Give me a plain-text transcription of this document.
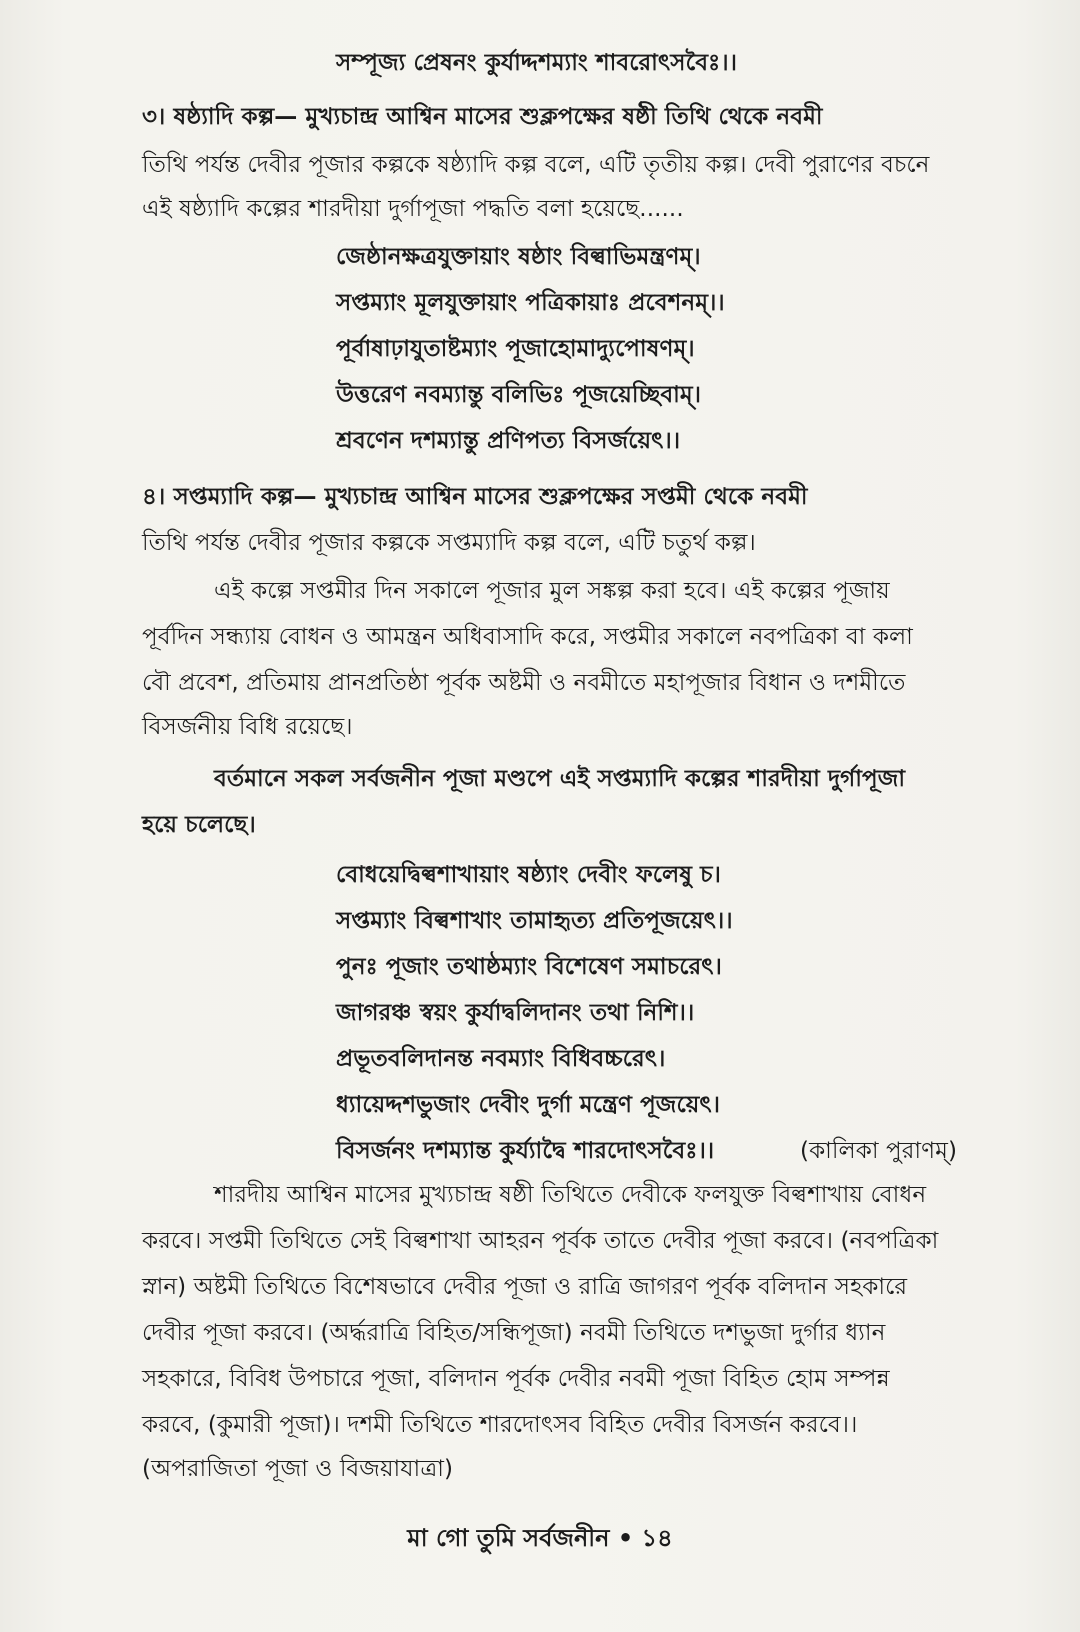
সম্পূজ্য প্রেষনং কুর্যাদ্দশম্যাং শাবরোৎসবৈঃ।।
৩। ষষ্ঠ্যাদি কল্প— মুখ্যচান্দ্র আশ্বিন মাসের শুক্লপক্ষের ষষ্ঠী তিথি থেকে নবমী
তিথি পর্যন্ত দেবীর পূজার কল্পকে ষষ্ঠ্যাদি কল্প বলে, এটি তৃতীয় কল্প। দেবী পুরাণের বচনে
এই ষষ্ঠ্যাদি কল্পের শারদীয়া দুর্গাপূজা পদ্ধতি বলা হয়েছে......
জেষ্ঠানক্ষত্রযুক্তায়াং ষষ্ঠাং বিল্বাভিমন্ত্রণম্।
সপ্তম্যাং মূলযুক্তায়াং পত্রিকায়াঃ প্রবেশনম্।।
পূর্বাষাঢ়াযুতাষ্টম্যাং পূজাহোমাদ্যুপোষণম্।
উত্তরেণ নবম্যান্তু বলিভিঃ পূজয়েচ্ছিবাম্।
শ্রবণেন দশম্যান্তু প্রণিপত্য বিসর্জয়েৎ।।
৪। সপ্তম্যাদি কল্প— মুখ্যচান্দ্র আশ্বিন মাসের শুক্লপক্ষের সপ্তমী থেকে নবমী
তিথি পর্যন্ত দেবীর পূজার কল্পকে সপ্তম্যাদি কল্প বলে, এটি চতুর্থ কল্প।
এই কল্পে সপ্তমীর দিন সকালে পূজার মুল সঙ্কল্প করা হবে। এই কল্পের পূজায়
পূর্বদিন সন্ধ্যায় বোধন ও আমন্ত্রন অধিবাসাদি করে, সপ্তমীর সকালে নবপত্রিকা বা কলা
বৌ প্রবেশ, প্রতিমায় প্রানপ্রতিষ্ঠা পূর্বক অষ্টমী ও নবমীতে মহাপূজার বিধান ও দশমীতে
বিসর্জনীয় বিধি রয়েছে।
বর্তমানে সকল সর্বজনীন পূজা মণ্ডপে এই সপ্তম্যাদি কল্পের শারদীয়া দুর্গাপূজা
হয়ে চলেছে।
বোধয়েদ্বিল্বশাখায়াং ষষ্ঠ্যাং দেবীং ফলেষু চ।
সপ্তম্যাং বিল্বশাখাং তামাহৃত্য প্রতিপূজয়েৎ।।
পুনঃ পূজাং তথাষ্ঠম্যাং বিশেষেণ সমাচরেৎ।
জাগরঞ্চ স্বয়ং কুর্যাদ্বলিদানং তথা নিশি।।
প্রভূতবলিদানন্ত নবম্যাং বিধিবচ্চরেৎ।
ধ্যায়েদ্দশভুজাং দেবীং দুর্গা মন্ত্রেণ পূজয়েৎ।
বিসর্জনং দশম্যান্ত কুর্য্যাদ্বৈ শারদোৎসবৈঃ।।	(কালিকা পুরাণম্)
শারদীয় আশ্বিন মাসের মুখ্যচান্দ্র ষষ্ঠী তিথিতে দেবীকে ফলযুক্ত বিল্বশাখায় বোধন
করবে। সপ্তমী তিথিতে সেই বিল্বশাখা আহরন পূর্বক তাতে দেবীর পূজা করবে। (নবপত্রিকা
স্নান) অষ্টমী তিথিতে বিশেষভাবে দেবীর পূজা ও রাত্রি জাগরণ পূর্বক বলিদান সহকারে
দেবীর পূজা করবে। (অর্দ্ধরাত্রি বিহিত/সন্ধিপূজা) নবমী তিথিতে দশভুজা দুর্গার ধ্যান
সহকারে, বিবিধ উপচারে পূজা, বলিদান পূর্বক দেবীর নবমী পূজা বিহিত হোম সম্পন্ন
করবে, (কুমারী পূজা)। দশমী তিথিতে শারদোৎসব বিহিত দেবীর বিসর্জন করবে।।
(অপরাজিতা পূজা ও বিজয়াযাত্রা)
মা গো তুমি সর্বজনীন • ১৪
